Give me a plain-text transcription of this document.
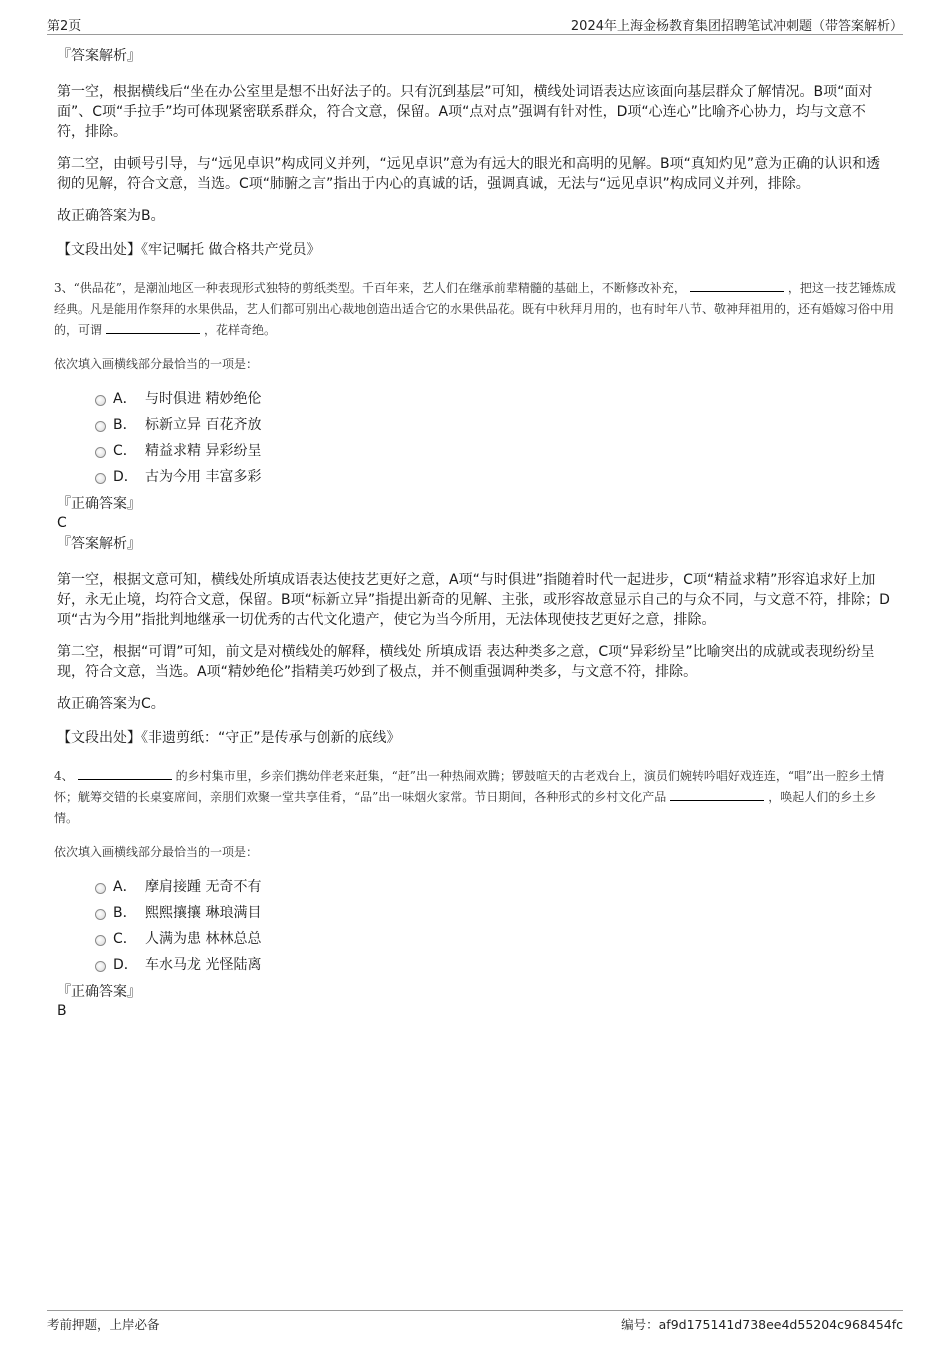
第2页	2024年上海金杨教育集团招聘笔试冲刺题（带答案解析）

『答案解析』

第一空，根据横线后“坐在办公室里是想不出好法子的。只有沉到基层”可知，横线处词语表达应该面向基层群众了解情况。B项“面对面”、C项“手拉手”均可体现紧密联系群众，符合文意，保留。A项“点对点”强调有针对性，D项“心连心”比喻齐心协力，均与文意不符，排除。

第二空，由顿号引导，与“远见卓识”构成同义并列，“远见卓识”意为有远大的眼光和高明的见解。B项“真知灼见”意为正确的认识和透彻的见解，符合文意，当选。C项“肺腑之言”指出于内心的真诚的话，强调真诚，无法与“远见卓识”构成同义并列，排除。

故正确答案为B。

【文段出处】《牢记嘱托 做合格共产党员》

3、“供品花”，是潮汕地区一种表现形式独特的剪纸类型。千百年来，艺人们在继承前辈精髓的基础上，不断修改补充，	，把这一技艺锤炼成经典。凡是能用作祭拜的水果供品，艺人们都可别出心裁地创造出适合它的水果供品花。既有中秋拜月用的，也有时年八节、敬神拜祖用的，还有婚嫁习俗中用的，可谓	，花样奇绝。

依次填入画横线部分最恰当的一项是：

A． 与时俱进 精妙绝伦
B． 标新立异 百花齐放
C． 精益求精 异彩纷呈
D． 古为今用 丰富多彩

『正确答案』

C

『答案解析』

第一空，根据文意可知，横线处所填成语表达使技艺更好之意，A项“与时俱进”指随着时代一起进步，C项“精益求精”形容追求好上加好，永无止境，均符合文意，保留。B项“标新立异”指提出新奇的见解、主张，或形容故意显示自己的与众不同，与文意不符，排除；D项“古为今用”指批判地继承一切优秀的古代文化遗产，使它为当今所用，无法体现使技艺更好之意，排除。

第二空，根据“可谓”可知，前文是对横线处的解释，横线处 所填成语 表达种类多之意，C项“异彩纷呈”比喻突出的成就或表现纷纷呈现，符合文意，当选。A项“精妙绝伦”指精美巧妙到了极点，并不侧重强调种类多，与文意不符，排除。

故正确答案为C。

【文段出处】《非遗剪纸：“守正”是传承与创新的底线》

4、	的乡村集市里，乡亲们携幼伴老来赶集，“赶”出一种热闹欢腾；锣鼓喧天的古老戏台上，演员们婉转吟唱好戏连连，“唱”出一腔乡土情怀；觥筹交错的长桌宴席间，亲朋们欢聚一堂共享佳肴，“品”出一味烟火家常。节日期间，各种形式的乡村文化产品	，唤起人们的乡土乡情。

依次填入画横线部分最恰当的一项是：

A． 摩肩接踵 无奇不有
B． 熙熙攘攘 琳琅满目
C． 人满为患 林林总总
D． 车水马龙 光怪陆离

『正确答案』

B

考前押题，上岸必备	编号：af9d175141d738ee4d55204c968454fc
